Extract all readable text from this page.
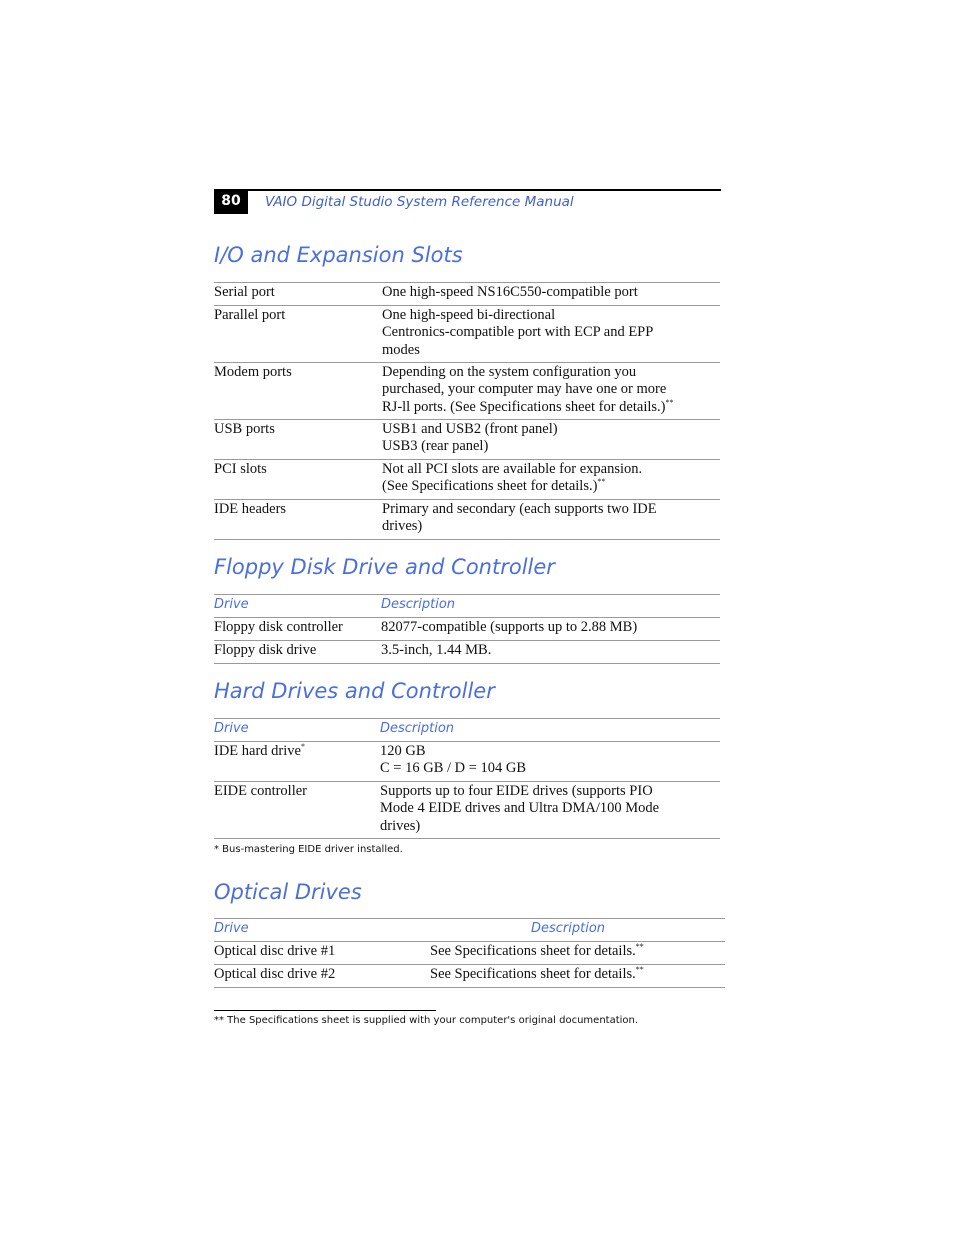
80	VAIO Digital Studio System Reference Manual
I/O and Expansion Slots
Serial port	One high-speed NS16C550-compatible port
Parallel port	One high-speed bi-directional
Centronics-compatible port with ECP and EPP
modes
Modem ports	Depending on the system configuration you
purchased, your computer may have one or more
RJ-ll ports. (See Specifications sheet for details.)**
USB ports	USB1 and USB2 (front panel)
USB3 (rear panel)
PCI slots	Not all PCI slots are available for expansion.
(See Specifications sheet for details.)**
IDE headers	Primary and secondary (each supports two IDE
drives)
Floppy Disk Drive and Controller
Drive	Description
Floppy disk controller	82077-compatible (supports up to 2.88 MB)
Floppy disk drive	3.5-inch, 1.44 MB.
Hard Drives and Controller
Drive	Description
IDE hard drive*	120 GB
C = 16 GB / D = 104 GB
EIDE controller	Supports up to four EIDE drives (supports PIO
Mode 4 EIDE drives and Ultra DMA/100 Mode
drives)
* Bus-mastering EIDE driver installed.
Optical Drives
Drive	Description
Optical disc drive #1	See Specifications sheet for details.**
Optical disc drive #2	See Specifications sheet for details.**
** The Specifications sheet is supplied with your computer's original documentation.
